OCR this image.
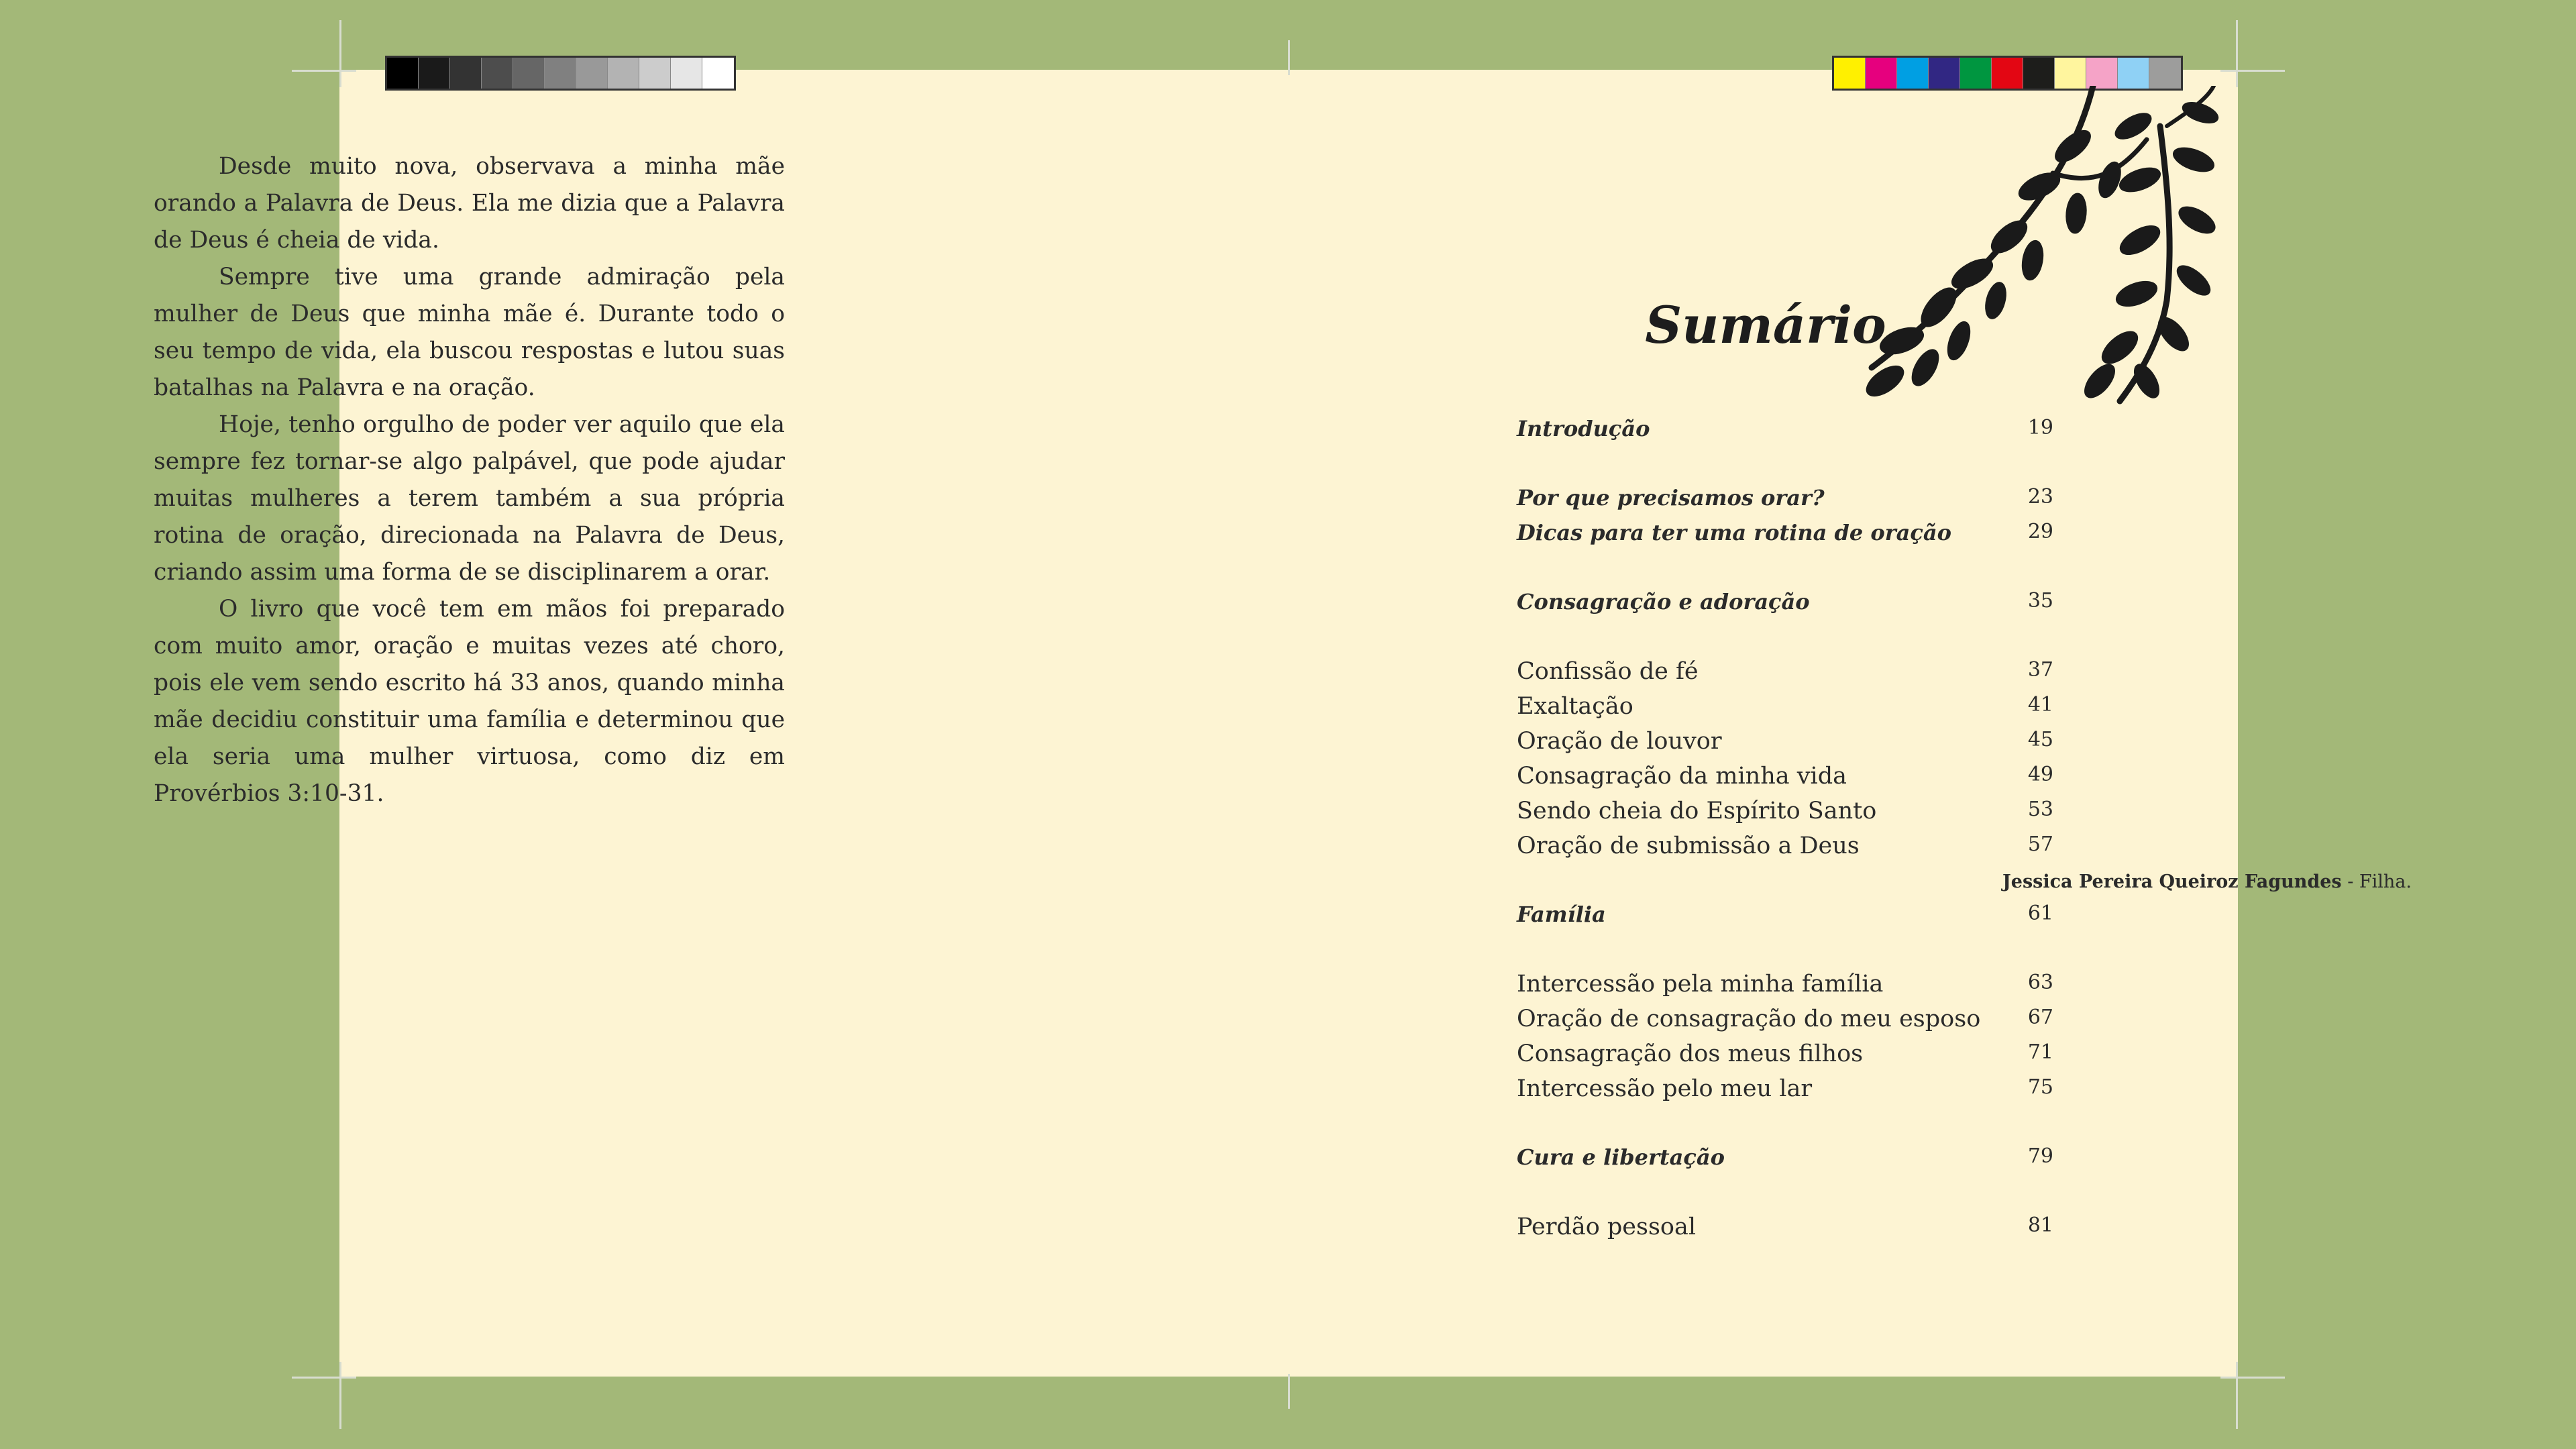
Desde muito nova, observava a minha mãe orando a Palavra de Deus. Ela me dizia que a Palavra de Deus é cheia de vida.

Sempre tive uma grande admiração pela mulher de Deus que minha mãe é. Durante todo o seu tempo de vida, ela buscou respostas e lutou suas batalhas na Palavra e na oração.

Hoje, tenho orgulho de poder ver aquilo que ela sempre fez tornar-se algo palpável, que pode ajudar muitas mulheres a terem também a sua própria rotina de oração, direcionada na Palavra de Deus, criando assim uma forma de se disciplinarem a orar.

O livro que você tem em mãos foi preparado com muito amor, oração e muitas vezes até choro, pois ele vem sendo escrito há 33 anos, quando minha mãe decidiu constituir uma família e determinou que ela seria uma mulher virtuosa, como diz em Provérbios 3:10-31.

Jessica Pereira Queiroz Fagundes - Filha.
Sumário
Introdução	19
Por que precisamos orar?	23
Dicas para ter uma rotina de oração	29
Consagração e adoração	35
Confissão de fé	37
Exaltação	41
Oração de louvor	45
Consagração da minha vida	49
Sendo cheia do Espírito Santo	53
Oração de submissão a Deus	57
Família	61
Intercessão pela minha família	63
Oração de consagração do meu esposo 67
Consagração dos meus filhos	71
Intercessão pelo meu lar	75
Cura e libertação	79
Perdão pessoal	81
